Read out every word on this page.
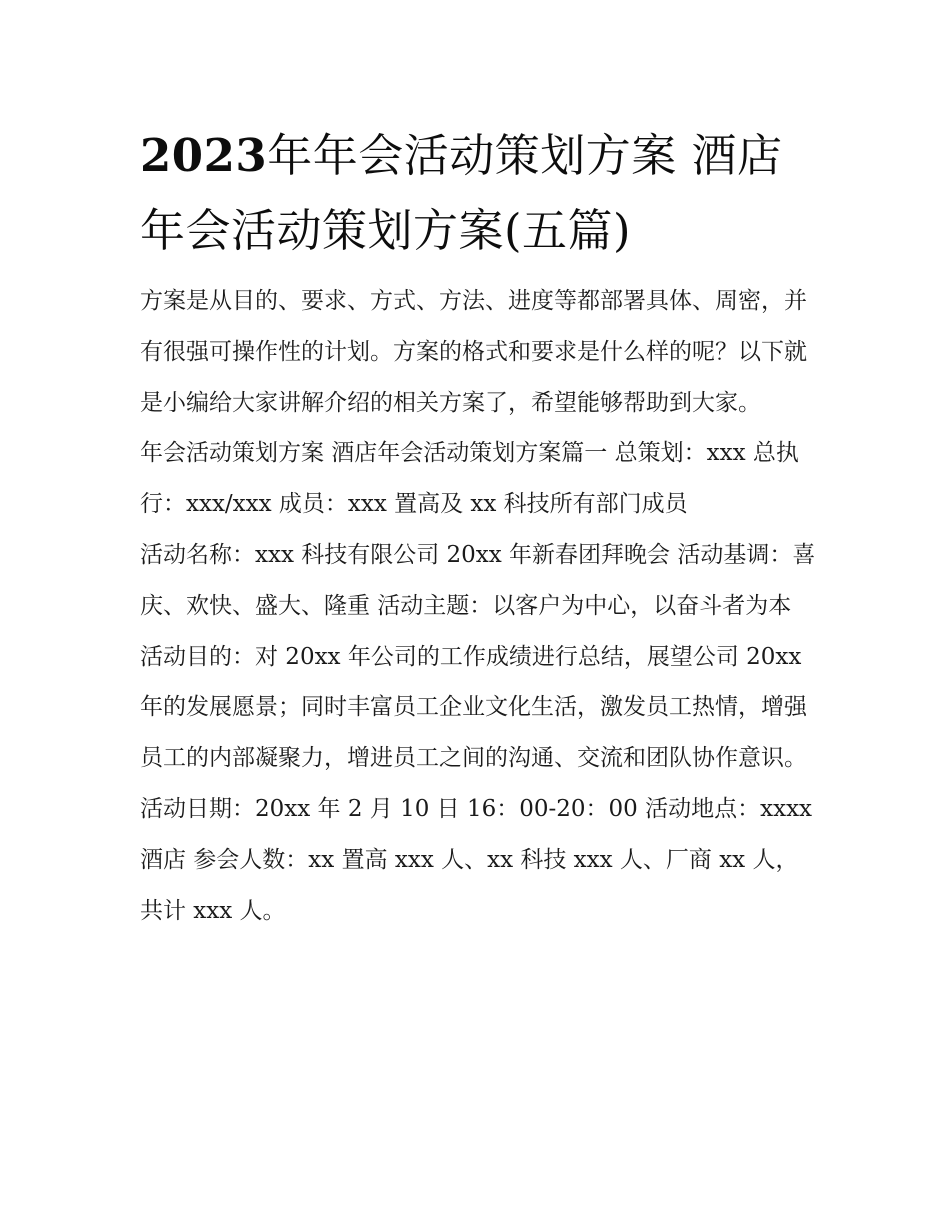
2023年年会活动策划方案 酒店年会活动策划方案(五篇)

方案是从目的、要求、方式、方法、进度等都部署具体、周密，并有很强可操作性的计划。方案的格式和要求是什么样的呢？以下就是小编给大家讲解介绍的相关方案了，希望能够帮助到大家。

年会活动策划方案 酒店年会活动策划方案篇一 总策划：xxx 总执行：xxx/xxx 成员：xxx 置高及 xx 科技所有部门成员

活动名称：xxx 科技有限公司 20xx 年新春团拜晚会 活动基调：喜庆、欢快、盛大、隆重 活动主题：以客户为中心，以奋斗者为本

活动目的：对 20xx 年公司的工作成绩进行总结，展望公司 20xx 年的发展愿景；同时丰富员工企业文化生活，激发员工热情，增强员工的内部凝聚力，增进员工之间的沟通、交流和团队协作意识。

活动日期：20xx 年 2 月 10 日 16：00-20：00 活动地点：xxxx 酒店 参会人数：xx 置高 xxx 人、xx 科技 xxx 人、厂商 xx 人，共计 xxx 人。
